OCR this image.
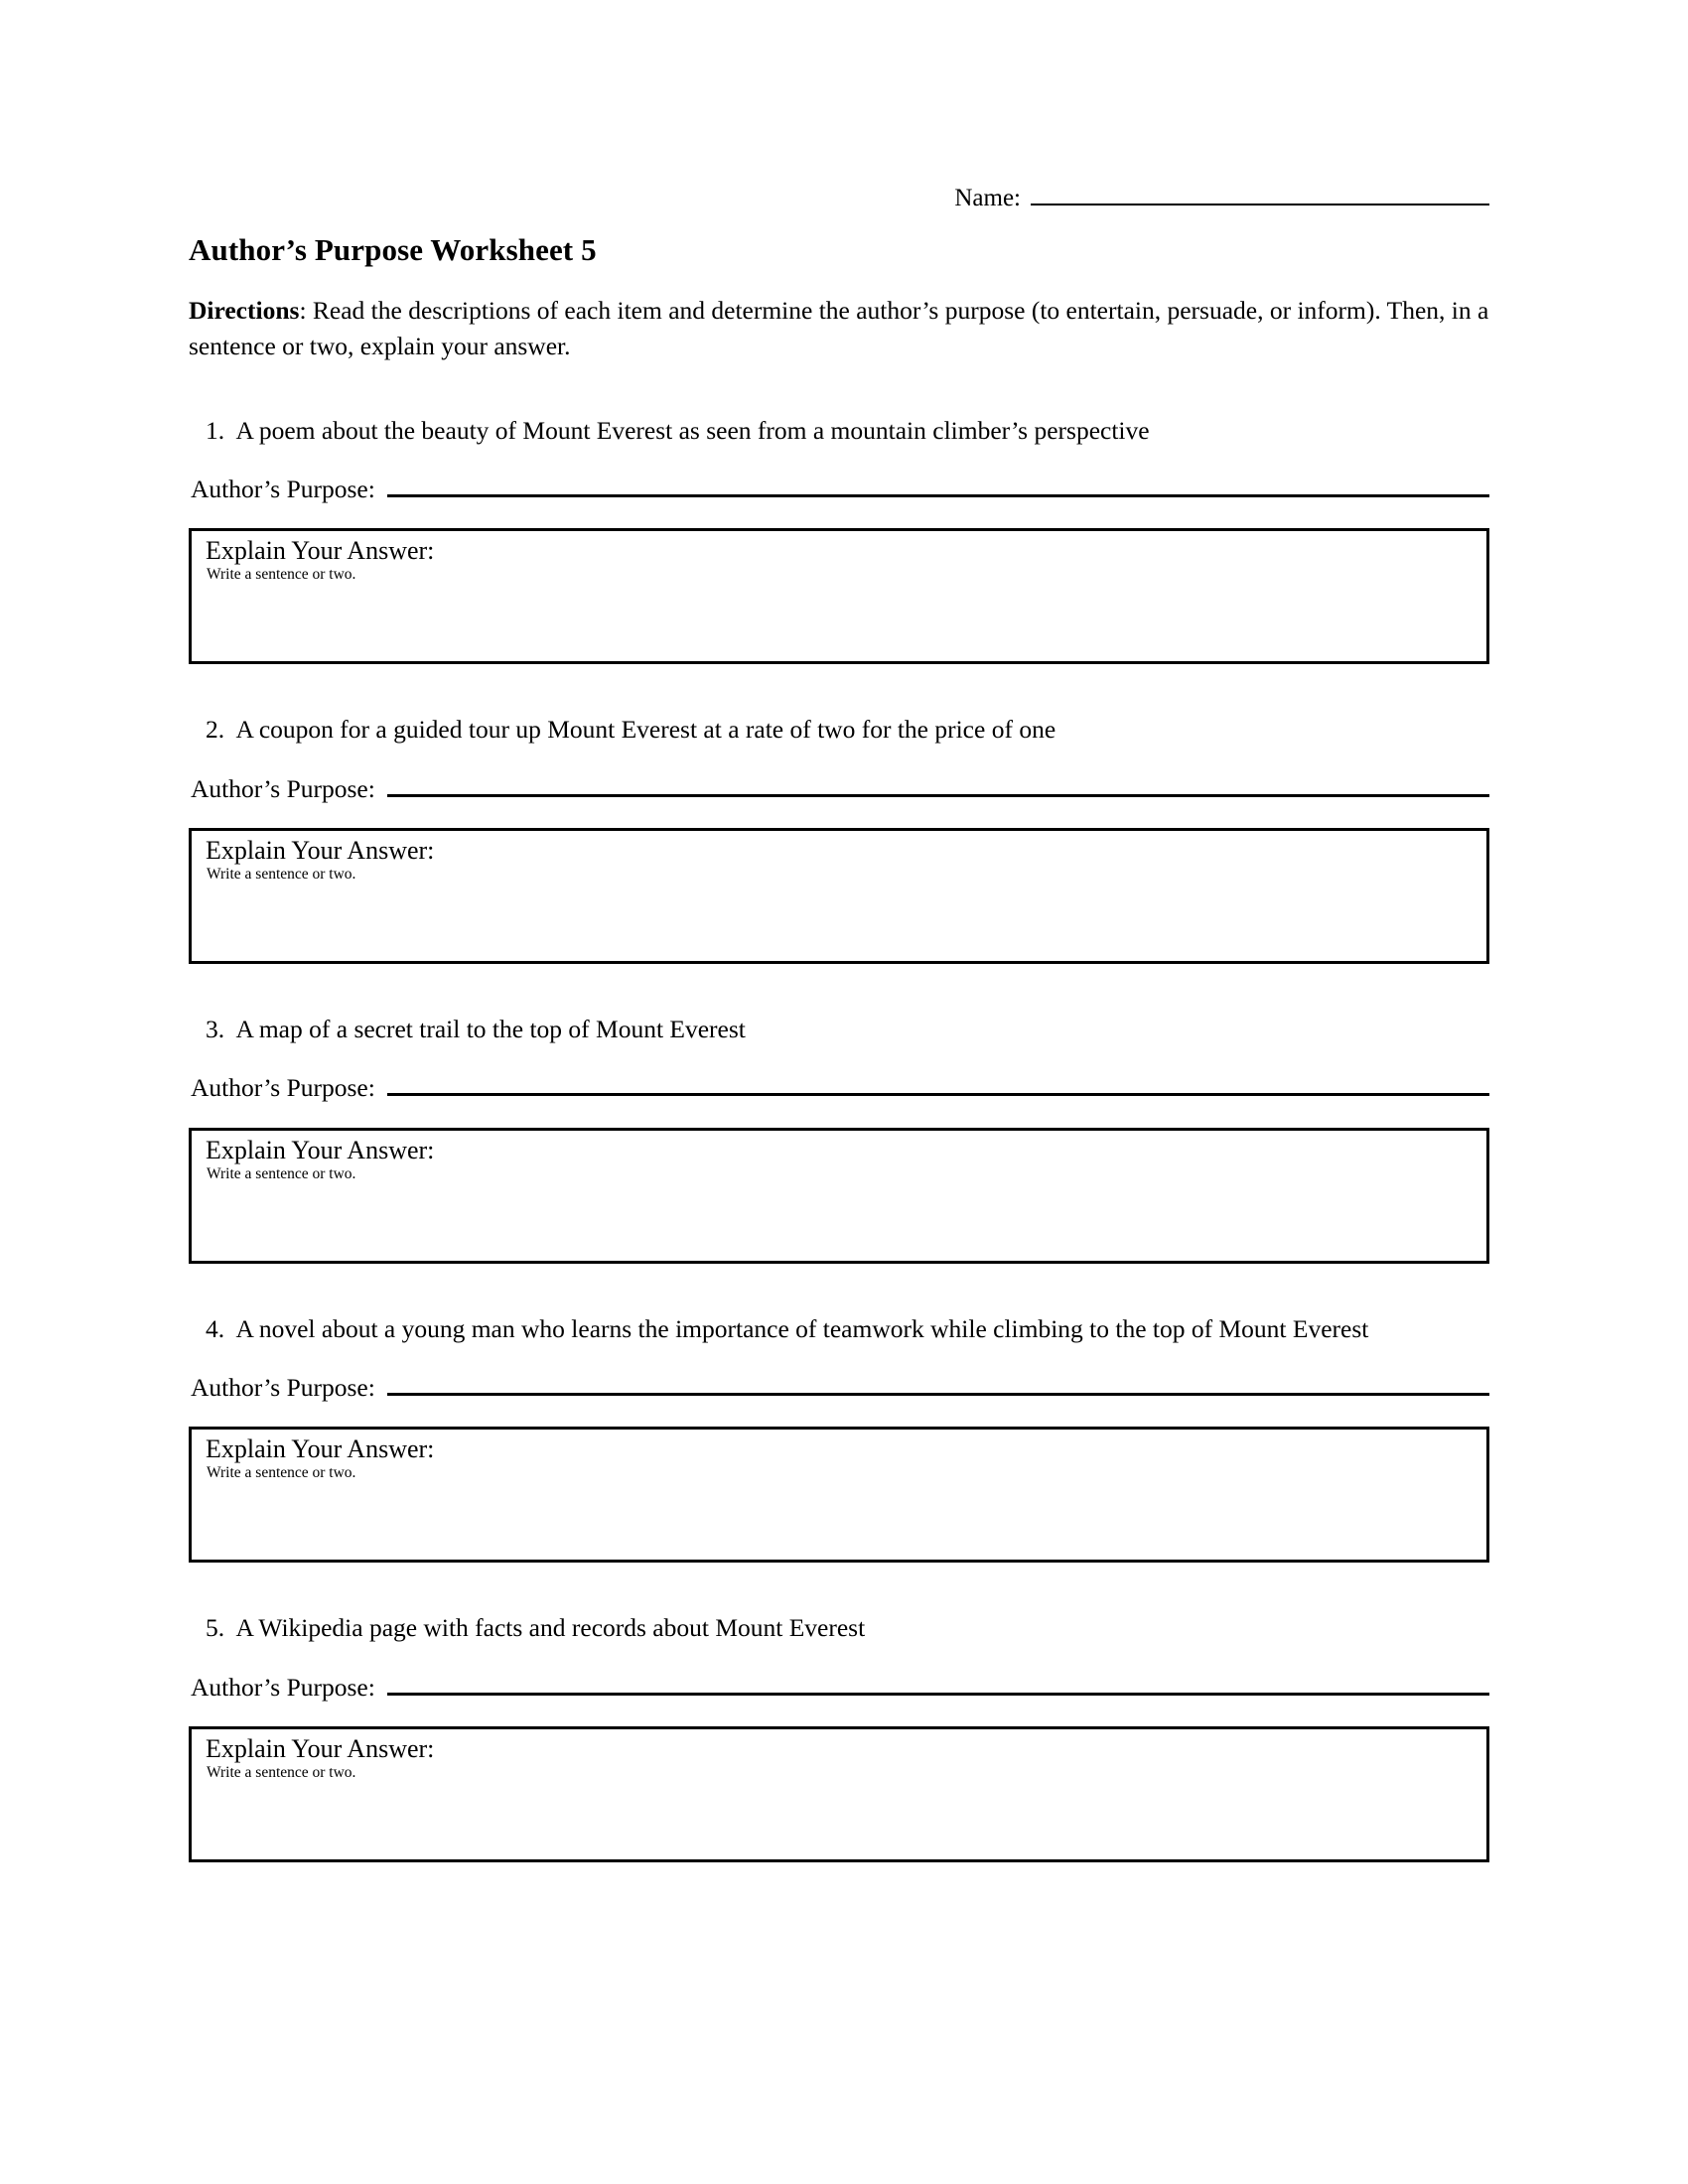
Name:
Author’s Purpose Worksheet 5

Directions: Read the descriptions of each item and determine the author’s purpose (to entertain, persuade, or inform). Then, in a sentence or two, explain your answer.

1. A poem about the beauty of Mount Everest as seen from a mountain climber’s perspective
Author’s Purpose:
Explain Your Answer:
Write a sentence or two.
2. A coupon for a guided tour up Mount Everest at a rate of two for the price of one
Author’s Purpose:
Explain Your Answer:
Write a sentence or two.
3. A map of a secret trail to the top of Mount Everest
Author’s Purpose:
Explain Your Answer:
Write a sentence or two.
4. A novel about a young man who learns the importance of teamwork while climbing to the top of Mount Everest
Author’s Purpose:
Explain Your Answer:
Write a sentence or two.
5. A Wikipedia page with facts and records about Mount Everest
Author’s Purpose:
Explain Your Answer:
Write a sentence or two.
